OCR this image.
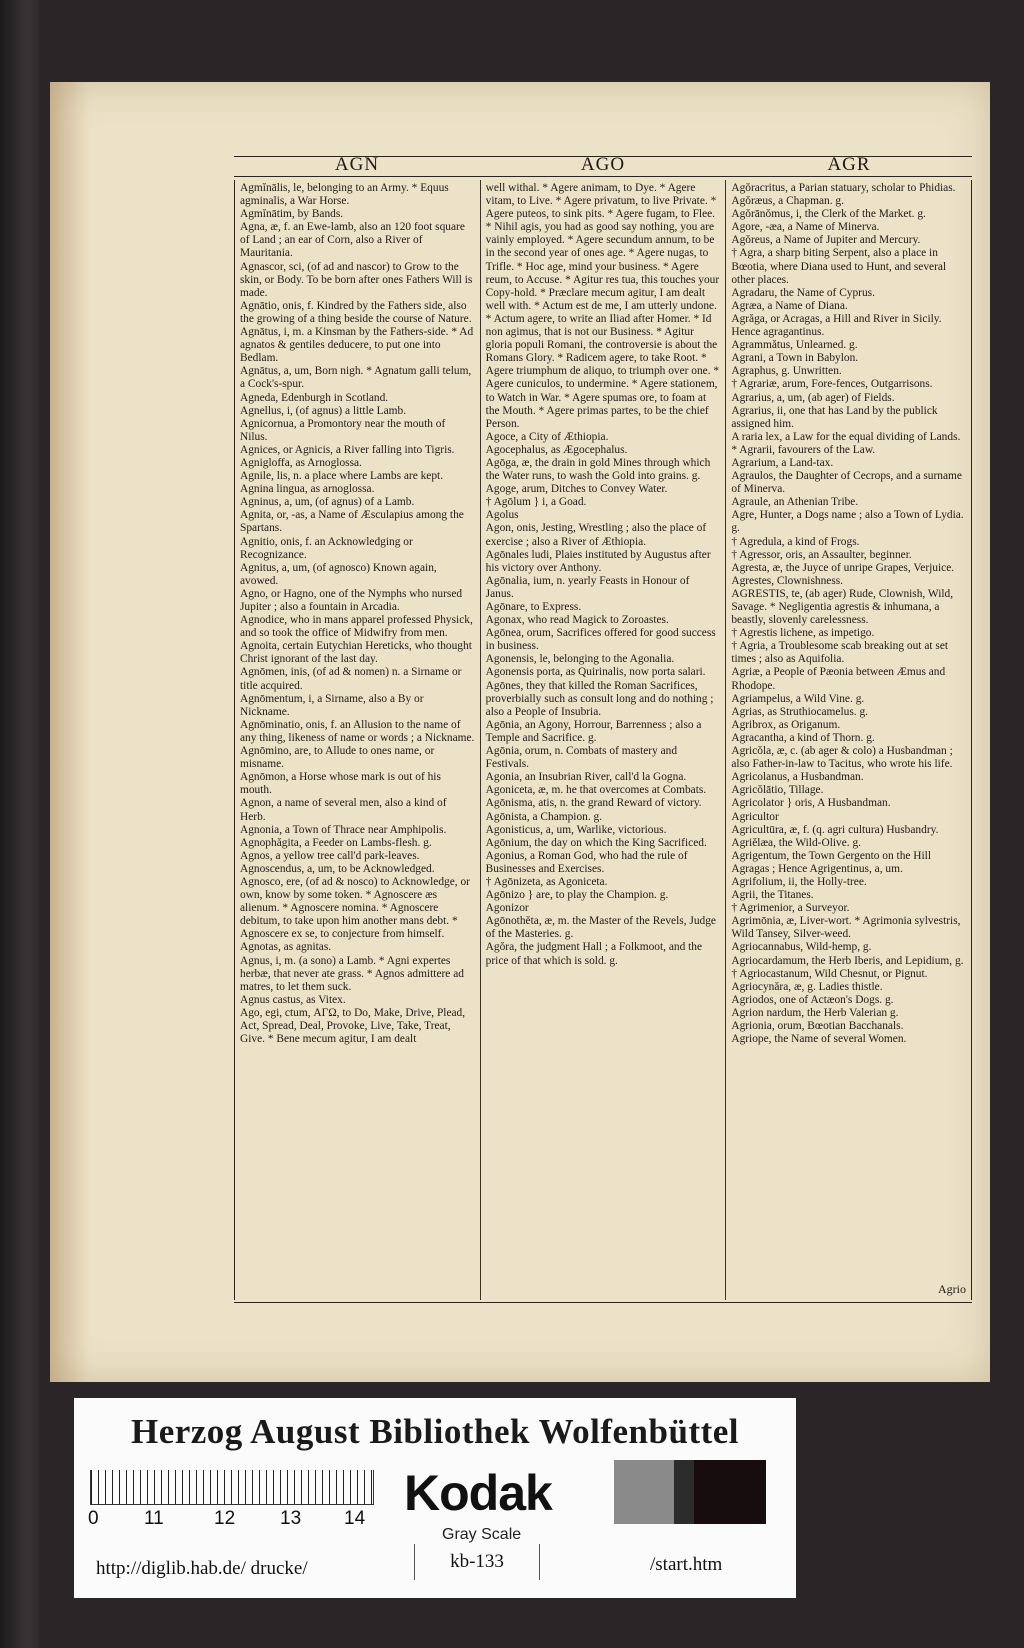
AGN	AGO	AGR

Agmĭnālis, le, belonging to an Army. * Equus agminalis, a War Horse.

Agmĭnātim, by Bands.

Agna, æ, f. an Ewe-lamb, also an 120 foot square of Land ; an ear of Corn, also a River of Mauritania.

Agnascor, sci, (of ad and nascor) to Grow to the skin, or Body. To be born after ones Fathers Will is made.

Agnātio, onis, f. Kindred by the Fathers side, also the growing of a thing beside the course of Nature.

Agnātus, i, m. a Kinsman by the Fathers-side. * Ad agnatos & gentiles deducere, to put one into Bedlam.

Agnātus, a, um, Born nigh. * Agnatum galli telum, a Cock's-spur.

Agneda, Edenburgh in Scotland.

Agnellus, i, (of agnus) a little Lamb.

Agnicornua, a Promontory near the mouth of Nilus.

Agnices, or Agnicis, a River falling into Tigris.

Agnigloffa, as Arnoglossa.

Agnile, lis, n. a place where Lambs are kept.

Agnina lingua, as arnoglossa.

Agninus, a, um, (of agnus) of a Lamb.

Agnita, or, -as, a Name of Æsculapius among the Spartans.

Agnitio, onis, f. an Acknowledging or Recognizance.

Agnitus, a, um, (of agnosco) Known again, avowed.

Agno, or Hagno, one of the Nymphs who nursed Jupiter ; also a fountain in Arcadia.

Agnodice, who in mans apparel professed Physick, and so took the office of Midwifry from men.

Agnoita, certain Eutychian Hereticks, who thought Christ ignorant of the last day.

Agnōmen, inis, (of ad & nomen) n. a Sirname or title acquired.

Agnōmentum, i, a Sirname, also a By or Nickname.

Agnōminatio, onis, f. an Allusion to the name of any thing, likeness of name or words ; a Nickname.

Agnōmino, are, to Allude to ones name, or misname.

Agnōmon, a Horse whose mark is out of his mouth.

Agnon, a name of several men, also a kind of Herb.

Agnonia, a Town of Thrace near Amphipolis.

Agnophăgita, a Feeder on Lambs-flesh. g.

Agnos, a yellow tree call'd park-leaves.

Agnoscendus, a, um, to be Acknowledged.

Agnosco, ere, (of ad & nosco) to Acknowledge, or own, know by some token. * Agnoscere æs alienum. * Agnoscere nomina. * Agnoscere debitum, to take upon him another mans debt. * Agnoscere ex se, to conjecture from himself.

Agnotas, as agnitas.

Agnus, i, m. (a sono) a Lamb. * Agni expertes herbæ, that never ate grass. * Agnos admittere ad matres, to let them suck.

Agnus castus, as Vitex.

Ago, egi, ctum, ΑΓΩ, to Do, Make, Drive, Plead, Act, Spread, Deal, Provoke, Live, Take, Treat, Give. * Bene mecum agitur, I am dealt

well withal. * Agere animam, to Dye. * Agere vitam, to Live. * Agere privatum, to live Private. * Agere puteos, to sink pits. * Agere fugam, to Flee. * Nihil agis, you had as good say nothing, you are vainly employed. * Agere secundum annum, to be in the second year of ones age. * Agere nugas, to Trifle. * Hoc age, mind your business. * Agere reum, to Accuse. * Agitur res tua, this touches your Copy-hold. * Præclare mecum agitur, I am dealt well with. * Actum est de me, I am utterly undone. * Actum agere, to write an Iliad after Homer. * Id non agimus, that is not our Business. * Agitur gloria populi Romani, the controversie is about the Romans Glory. * Radicem agere, to take Root. * Agere triumphum de aliquo, to triumph over one. * Agere cuniculos, to undermine. * Agere stationem, to Watch in War. * Agere spumas ore, to foam at the Mouth. * Agere primas partes, to be the chief Person.

Agoce, a City of Æthiopia.

Agocephalus, as Ægocephalus.

Agōga, æ, the drain in gold Mines through which the Water runs, to wash the Gold into grains. g.

Agoge, arum, Ditches to Convey Water.

† Agōlum } i, a Goad.

Agolus

Agon, onis, Jesting, Wrestling ; also the place of exercise ; also a River of Æthiopia.

Agōnales ludi, Plaies instituted by Augustus after his victory over Anthony.

Agōnalia, ium, n. yearly Feasts in Honour of Janus.

Agōnare, to Express.

Agonax, who read Magick to Zoroastes.

Agōnea, orum, Sacrifices offered for good success in business.

Agonensis, le, belonging to the Agonalia.

Agonensis porta, as Quirinalis, now porta salari.

Agōnes, they that killed the Roman Sacrifices, proverbially such as consult long and do nothing ; also a People of Insubria.

Agōnia, an Agony, Horrour, Barrenness ; also a Temple and Sacrifice. g.

Agōnia, orum, n. Combats of mastery and Festivals.

Agonia, an Insubrian River, call'd la Gogna.

Agoniceta, æ, m. he that overcomes at Combats.

Agōnisma, atis, n. the grand Reward of victory.

Agōnista, a Champion. g.

Agonisticus, a, um, Warlike, victorious.

Agōnium, the day on which the King Sacrificed.

Agonius, a Roman God, who had the rule of Businesses and Exercises.

† Agōnizeta, as Agoniceta.

Agōnizo } are, to play the Champion. g.

Agonizor

Agōnothĕta, æ, m. the Master of the Revels, Judge of the Masteries. g.

Agŏra, the judgment Hall ; a Folkmoot, and the price of that which is sold. g.

Agŏracritus, a Parian statuary, scholar to Phidias.

Agŏræus, a Chapman. g.

Agŏrānŏmus, i, the Clerk of the Market. g.

Agore, -æa, a Name of Minerva.

Agŏreus, a Name of Jupiter and Mercury.

† Agra, a sharp biting Serpent, also a place in Bœotia, where Diana used to Hunt, and several other places.

Agradaru, the Name of Cyprus.

Agræa, a Name of Diana.

Agrăga, or Acragas, a Hill and River in Sicily. Hence agragantinus.

Agrammătus, Unlearned. g.

Agrani, a Town in Babylon.

Agraphus, g. Unwritten.

† Agrariæ, arum, Fore-fences, Outgarrisons.

Agrarius, a, um, (ab ager) of Fields.

Agrarius, ii, one that has Land by the publick assigned him.

A raria lex, a Law for the equal dividing of Lands. * Agrarii, favourers of the Law.

Agrarium, a Land-tax.

Agraulos, the Daughter of Cecrops, and a surname of Minerva.

Agraule, an Athenian Tribe.

Agre, Hunter, a Dogs name ; also a Town of Lydia. g.

† Agredula, a kind of Frogs.

† Agressor, oris, an Assaulter, beginner.

Agresta, æ, the Juyce of unripe Grapes, Verjuice.

Agrestes, Clownishness.

AGRESTIS, te, (ab ager) Rude, Clownish, Wild, Savage. * Negligentia agrestis & inhumana, a beastly, slovenly carelessness.

† Agrestis lichene, as impetigo.

† Agria, a Troublesome scab breaking out at set times ; also as Aquifolia.

Agriæ, a People of Pæonia between Æmus and Rhodope.

Agriampelus, a Wild Vine. g.

Agrias, as Struthiocamelus. g.

Agribrox, as Origanum.

Agracantha, a kind of Thorn. g.

Agricŏla, æ, c. (ab ager & colo) a Husbandman ; also Father-in-law to Tacitus, who wrote his life.

Agricolanus, a Husbandman.

Agricŏlātio, Tillage.

Agricolator } oris, A Husbandman.

Agricultor

Agricultūra, æ, f. (q. agri cultura) Husbandry.

Agriĕlæa, the Wild-Olive. g.

Agrigentum, the Town Gergento on the Hill Agragas ; Hence Agrigentinus, a, um.

Agrifolium, ii, the Holly-tree.

Agrii, the Titanes.

† Agrimenior, a Surveyor.

Agrimōnia, æ, Liver-wort. * Agrimonia sylvestris, Wild Tansey, Silver-weed.

Agriocannabus, Wild-hemp, g.

Agriocardamum, the Herb Iberis, and Lepidium, g.

† Agriocastanum, Wild Chesnut, or Pignut.

Agriocynăra, æ, g. Ladies thistle.

Agriodos, one of Actæon's Dogs. g.

Agrion nardum, the Herb Valerian g.

Agrionia, orum, Bœotian Bacchanals.

Agriope, the Name of several Women.

Agrio
Herzog August Bibliothek Wolfenbüttel
0 11	12 13 14 Kodak
Gray Scale
http://diglib.hab.de/ drucke/	kb-133	/start.htm
